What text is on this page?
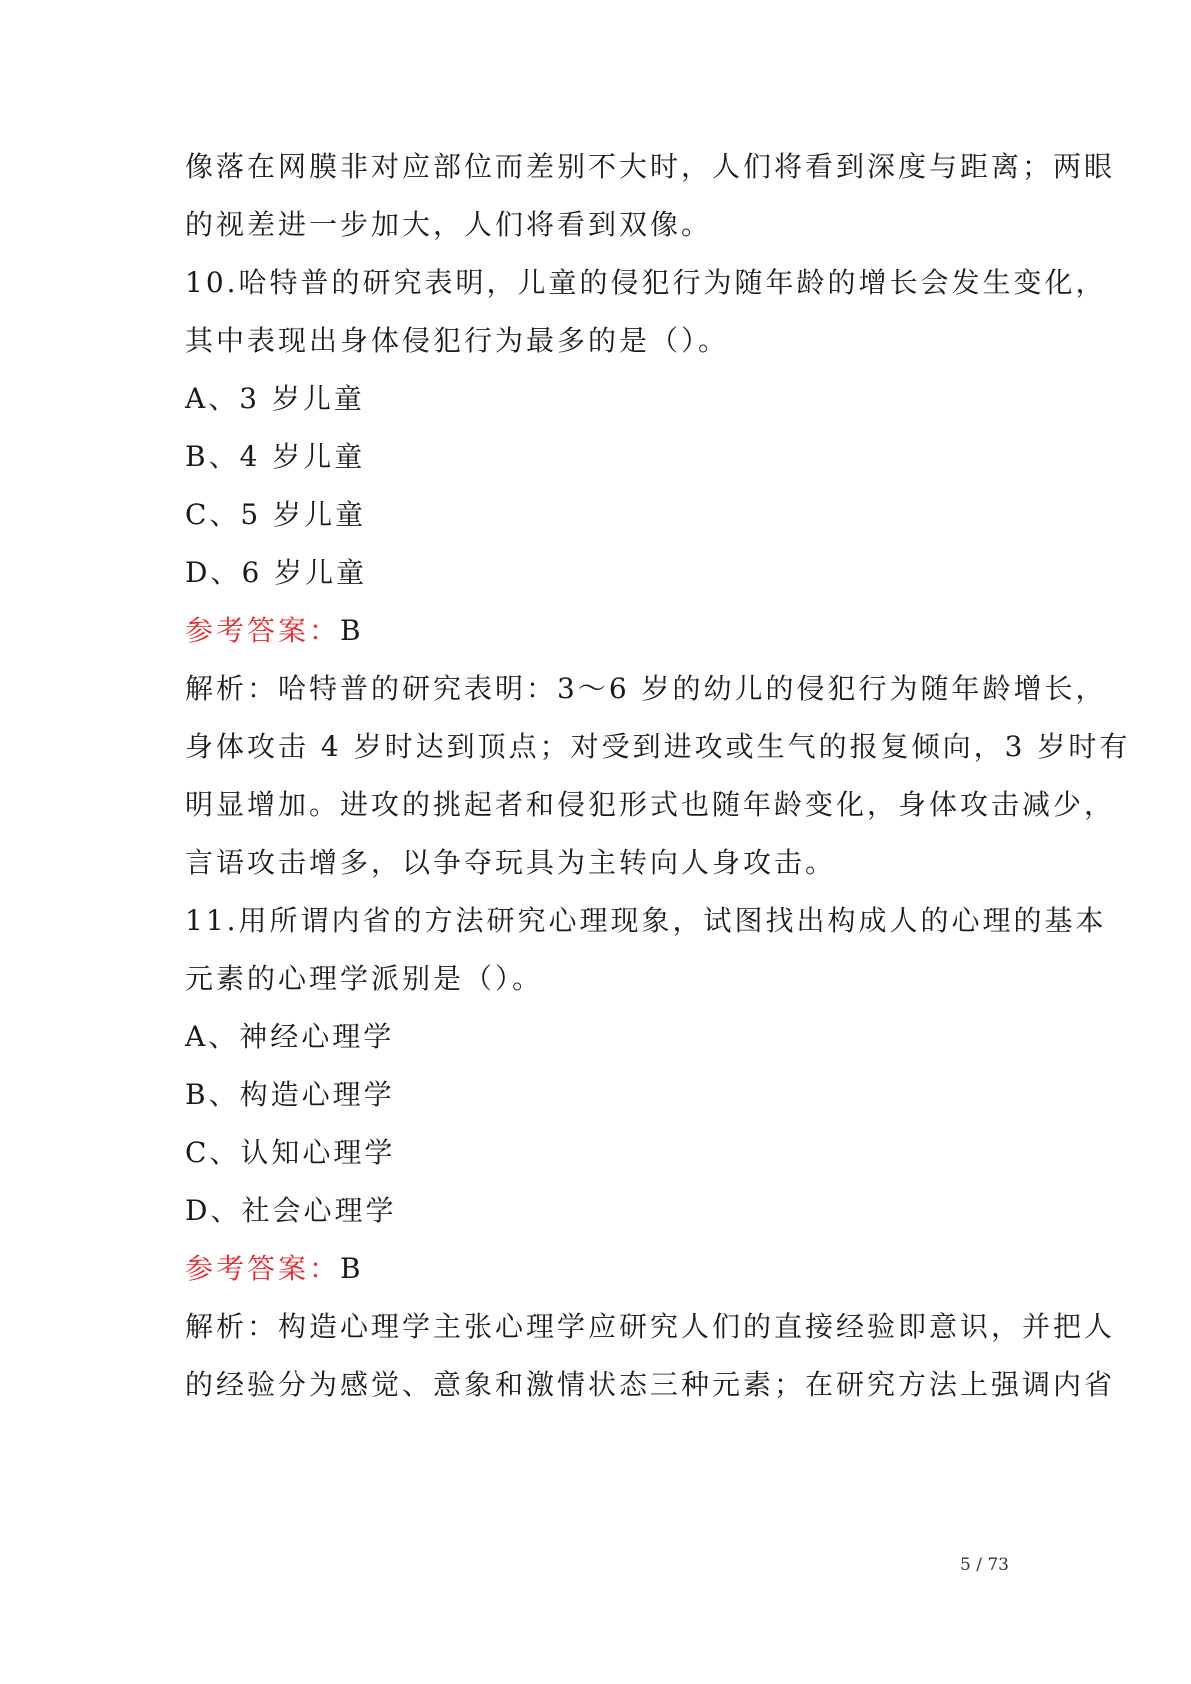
像落在网膜非对应部位而差别不大时，人们将看到深度与距离；两眼
的视差进一步加大，人们将看到双像。
10.哈特普的研究表明，儿童的侵犯行为随年龄的增长会发生变化，
其中表现出身体侵犯行为最多的是（）。
A、3 岁儿童
B、4 岁儿童
C、5 岁儿童
D、6 岁儿童
参考答案：B
解析：哈特普的研究表明：3～6 岁的幼儿的侵犯行为随年龄增长，
身体攻击 4 岁时达到顶点；对受到进攻或生气的报复倾向，3 岁时有
明显增加。进攻的挑起者和侵犯形式也随年龄变化，身体攻击减少，
言语攻击增多，以争夺玩具为主转向人身攻击。
11.用所谓内省的方法研究心理现象，试图找出构成人的心理的基本
元素的心理学派别是（）。
A、神经心理学
B、构造心理学
C、认知心理学
D、社会心理学
参考答案：B
解析：构造心理学主张心理学应研究人们的直接经验即意识，并把人
的经验分为感觉、意象和激情状态三种元素；在研究方法上强调内省
5 / 73
